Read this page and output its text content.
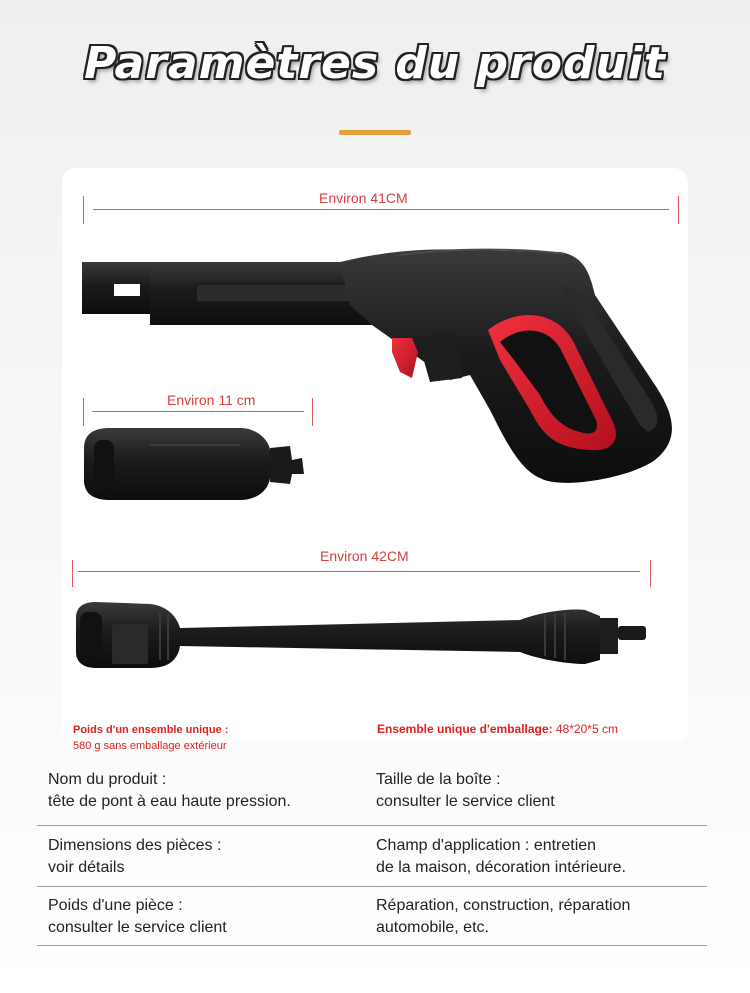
Paramètres du produit
Environ 41CM
Environ 11 cm
Environ 42CM
Poids d'un ensemble unique :
580 g sans emballage extérieur
Ensemble unique d'emballage: 48*20*5 cm
Nom du produit :
tête de pont à eau haute pression.
Taille de la boîte :
consulter le service client
Dimensions des pièces :
voir détails
Champ d'application : entretien
de la maison, décoration intérieure.
Poids d'une pièce :
consulter le service client
Réparation, construction, réparation
automobile, etc.
